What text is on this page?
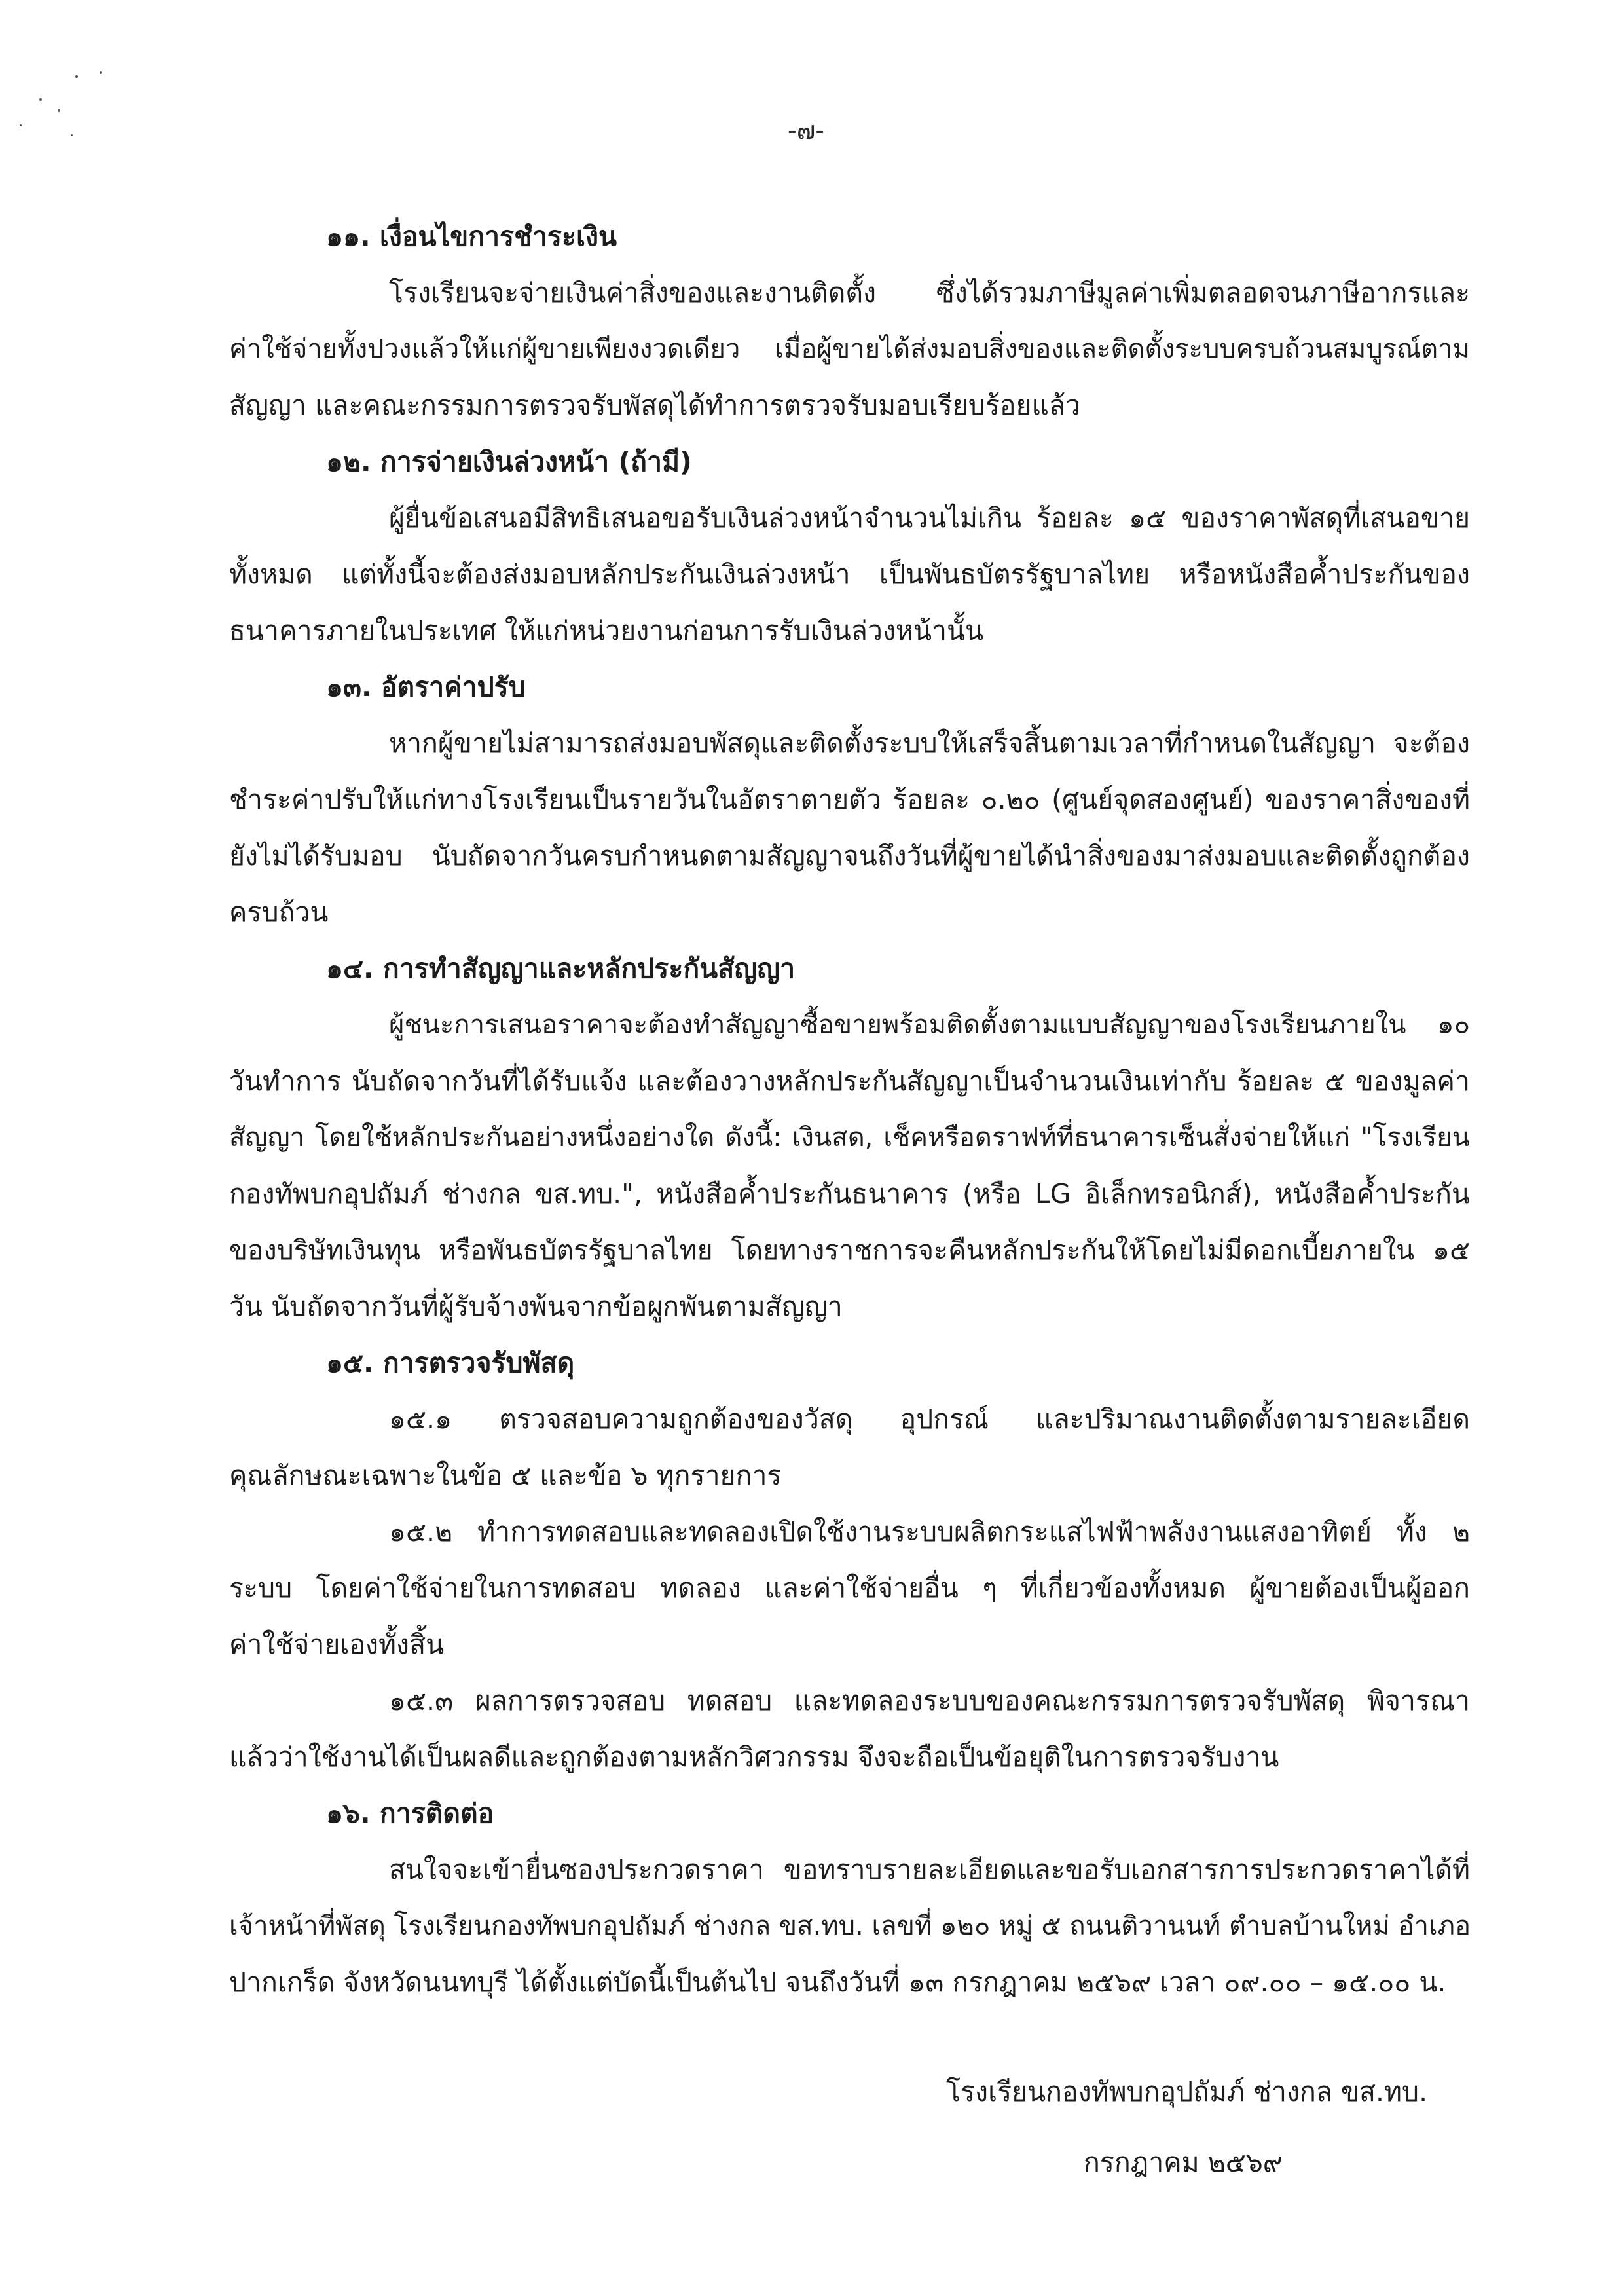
-๗-
๑๑. เงื่อนไขการชำระเงิน
โรงเรียนจะจ่ายเงินค่าสิ่งของและงานติดตั้ง ซึ่งได้รวมภาษีมูลค่าเพิ่มตลอดจนภาษีอากรและ
ค่าใช้จ่ายทั้งปวงแล้วให้แก่ผู้ขายเพียงงวดเดียว เมื่อผู้ขายได้ส่งมอบสิ่งของและติดตั้งระบบครบถ้วนสมบูรณ์ตาม
สัญญา และคณะกรรมการตรวจรับพัสดุได้ทำการตรวจรับมอบเรียบร้อยแล้ว
๑๒. การจ่ายเงินล่วงหน้า (ถ้ามี)
ผู้ยื่นข้อเสนอมีสิทธิเสนอขอรับเงินล่วงหน้าจำนวนไม่เกิน ร้อยละ ๑๕ ของราคาพัสดุที่เสนอขาย
ทั้งหมด แต่ทั้งนี้จะต้องส่งมอบหลักประกันเงินล่วงหน้า เป็นพันธบัตรรัฐบาลไทย หรือหนังสือค้ำประกันของ
ธนาคารภายในประเทศ ให้แก่หน่วยงานก่อนการรับเงินล่วงหน้านั้น
๑๓. อัตราค่าปรับ
หากผู้ขายไม่สามารถส่งมอบพัสดุและติดตั้งระบบให้เสร็จสิ้นตามเวลาที่กำหนดในสัญญา จะต้อง
ชำระค่าปรับให้แก่ทางโรงเรียนเป็นรายวันในอัตราตายตัว ร้อยละ ๐.๒๐ (ศูนย์จุดสองศูนย์) ของราคาสิ่งของที่
ยังไม่ได้รับมอบ นับถัดจากวันครบกำหนดตามสัญญาจนถึงวันที่ผู้ขายได้นำสิ่งของมาส่งมอบและติดตั้งถูกต้อง
ครบถ้วน
๑๔. การทำสัญญาและหลักประกันสัญญา
ผู้ชนะการเสนอราคาจะต้องทำสัญญาซื้อขายพร้อมติดตั้งตามแบบสัญญาของโรงเรียนภายใน ๑๐
วันทำการ นับถัดจากวันที่ได้รับแจ้ง และต้องวางหลักประกันสัญญาเป็นจำนวนเงินเท่ากับ ร้อยละ ๕ ของมูลค่า
สัญญา โดยใช้หลักประกันอย่างหนึ่งอย่างใด ดังนี้: เงินสด, เช็คหรือดราฟท์ที่ธนาคารเซ็นสั่งจ่ายให้แก่ "โรงเรียน
กองทัพบกอุปถัมภ์ ช่างกล ขส.ทบ.", หนังสือค้ำประกันธนาคาร (หรือ LG อิเล็กทรอนิกส์), หนังสือค้ำประกัน
ของบริษัทเงินทุน หรือพันธบัตรรัฐบาลไทย โดยทางราชการจะคืนหลักประกันให้โดยไม่มีดอกเบี้ยภายใน ๑๕
วัน นับถัดจากวันที่ผู้รับจ้างพ้นจากข้อผูกพันตามสัญญา
๑๕. การตรวจรับพัสดุ
๑๕.๑ ตรวจสอบความถูกต้องของวัสดุ อุปกรณ์ และปริมาณงานติดตั้งตามรายละเอียด
คุณลักษณะเฉพาะในข้อ ๕ และข้อ ๖ ทุกรายการ
๑๕.๒ ทำการทดสอบและทดลองเปิดใช้งานระบบผลิตกระแสไฟฟ้าพลังงานแสงอาทิตย์ ทั้ง ๒
ระบบ โดยค่าใช้จ่ายในการทดสอบ ทดลอง และค่าใช้จ่ายอื่น ๆ ที่เกี่ยวข้องทั้งหมด ผู้ขายต้องเป็นผู้ออก
ค่าใช้จ่ายเองทั้งสิ้น
๑๕.๓ ผลการตรวจสอบ ทดสอบ และทดลองระบบของคณะกรรมการตรวจรับพัสดุ พิจารณา
แล้วว่าใช้งานได้เป็นผลดีและถูกต้องตามหลักวิศวกรรม จึงจะถือเป็นข้อยุติในการตรวจรับงาน
๑๖. การติดต่อ
สนใจจะเข้ายื่นซองประกวดราคา ขอทราบรายละเอียดและขอรับเอกสารการประกวดราคาได้ที่
เจ้าหน้าที่พัสดุ โรงเรียนกองทัพบกอุปถัมภ์ ช่างกล ขส.ทบ. เลขที่ ๑๒๐ หมู่ ๕ ถนนติวานนท์ ตำบลบ้านใหม่ อำเภอ
ปากเกร็ด จังหวัดนนทบุรี ได้ตั้งแต่บัดนี้เป็นต้นไป จนถึงวันที่ ๑๓ กรกฎาคม ๒๕๖๙ เวลา ๐๙.๐๐ – ๑๕.๐๐ น.
โรงเรียนกองทัพบกอุปถัมภ์ ช่างกล ขส.ทบ.
กรกฎาคม ๒๕๖๙
